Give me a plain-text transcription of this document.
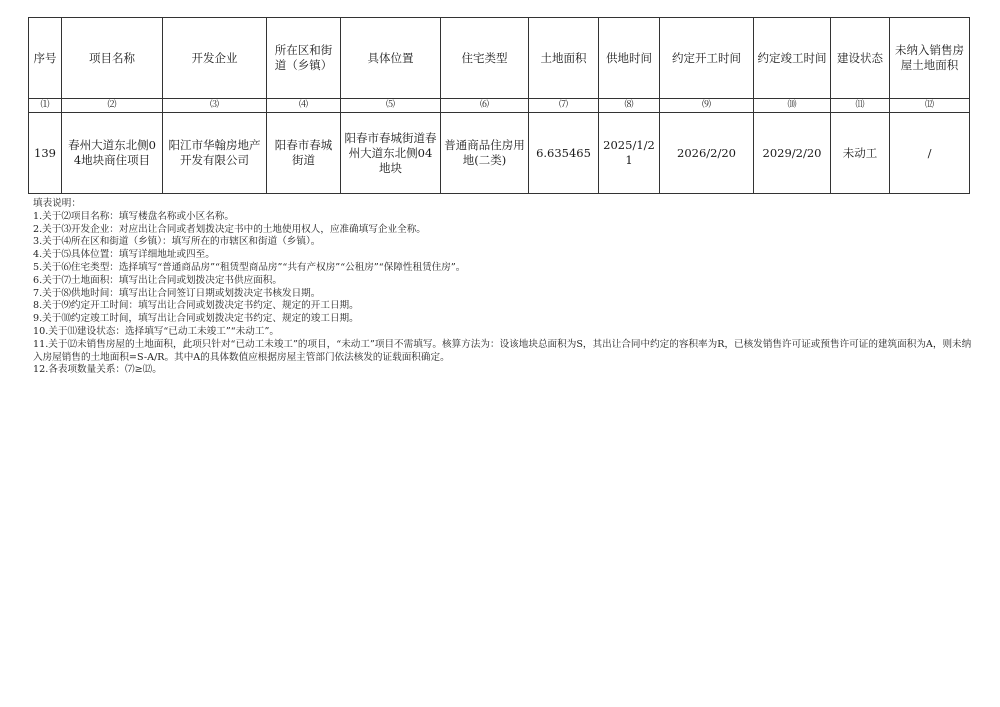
序号	项目名称	开发企业	所在区和街道（乡镇）	具体位置	住宅类型	土地面积	供地时间	约定开工时间	约定竣工时间	建设状态	未纳入销售房屋土地面积
⑴	⑵	⑶	⑷	⑸	⑹	⑺	⑻	⑼	⑽	⑾	⑿
139	春州大道东北侧04地块商住项目	阳江市华翰房地产开发有限公司	阳春市春城街道	阳春市春城街道春州大道东北侧04地块	普通商品住房用地(二类)	6.635465	2025/1/21	2026/2/20	2029/2/20	未动工	/
填表说明：
1.关于⑵项目名称：填写楼盘名称或小区名称。
2.关于⑶开发企业：对应出让合同或者划拨决定书中的土地使用权人，应准确填写企业全称。
3.关于⑷所在区和街道（乡镇）：填写所在的市辖区和街道（乡镇）。
4.关于⑸具体位置：填写详细地址或四至。
5.关于⑹住宅类型：选择填写“普通商品房”“租赁型商品房”“共有产权房”“公租房”“保障性租赁住房”。
6.关于⑺土地面积：填写出让合同或划拨决定书供应面积。
7.关于⑻供地时间：填写出让合同签订日期或划拨决定书核发日期。
8.关于⑼约定开工时间：填写出让合同或划拨决定书约定、规定的开工日期。
9.关于⑽约定竣工时间，填写出让合同或划拨决定书约定、规定的竣工日期。
10.关于⑾建设状态：选择填写“已动工未竣工”“未动工”。
11.关于⑿未销售房屋的土地面积，此项只针对“已动工未竣工”的项目，“未动工”项目不需填写。核算方法为：设该地块总面积为S，其出让合同中约定的容积率为R，已核发销售许可证或预售许可证的建筑面积为A，则未纳入房屋销售的土地面积=S-A/R。其中A的具体数值应根据房屋主管部门依法核发的证载面积确定。
12.各表项数量关系：⑺≥⑿。
